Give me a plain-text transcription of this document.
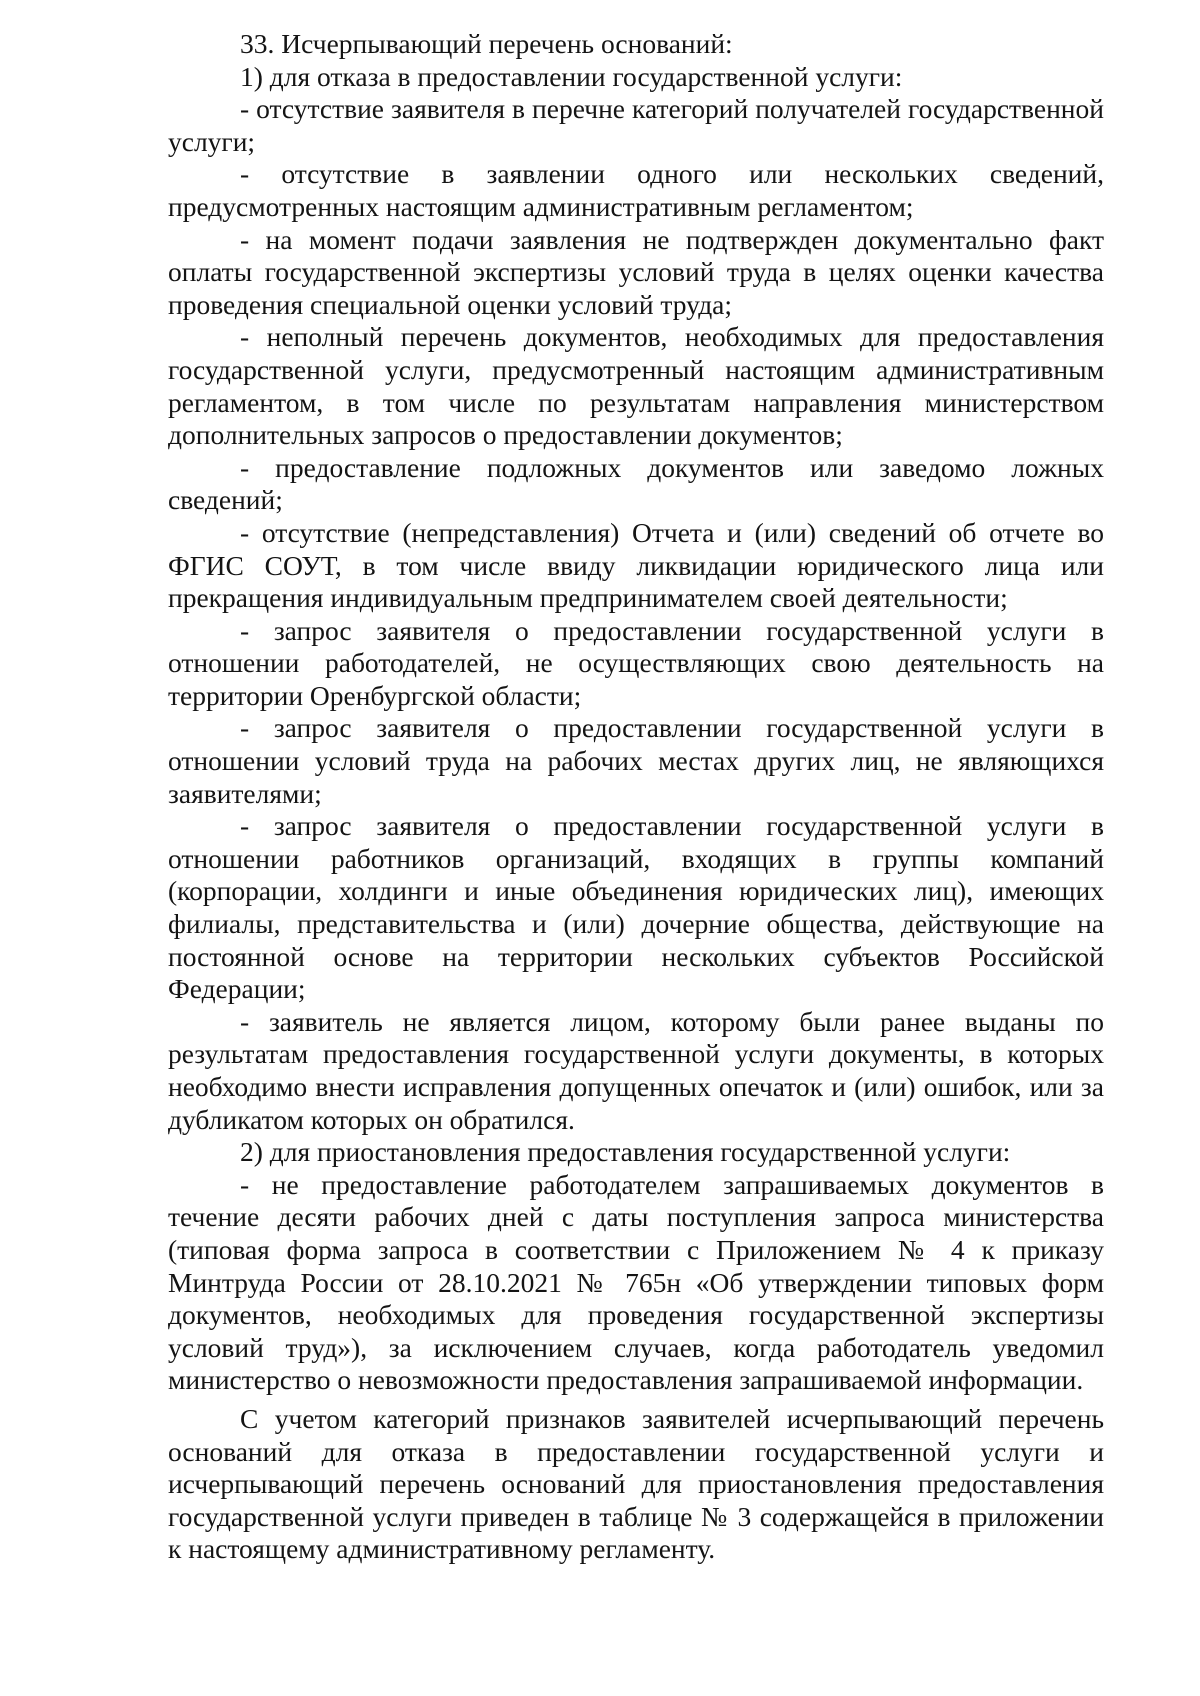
33. Исчерпывающий перечень оснований:

1) для отказа в предоставлении государственной услуги:

- отсутствие заявителя в перечне категорий получателей государственной услуги;

- отсутствие в заявлении одного или нескольких сведений, предусмотренных настоящим административным регламентом;

- на момент подачи заявления не подтвержден документально факт оплаты государственной экспертизы условий труда в целях оценки качества проведения специальной оценки условий труда;

- неполный перечень документов, необходимых для предоставления государственной услуги, предусмотренный настоящим административным регламентом, в том числе по результатам направления министерством дополнительных запросов о предоставлении документов;

- предоставление подложных документов или заведомо ложных сведений;

- отсутствие (непредставления) Отчета и (или) сведений об отчете во ФГИС СОУТ, в том числе ввиду ликвидации юридического лица или прекращения индивидуальным предпринимателем своей деятельности;

- запрос заявителя о предоставлении государственной услуги в отношении работодателей, не осуществляющих свою деятельность на территории Оренбургской области;

- запрос заявителя о предоставлении государственной услуги в отношении условий труда на рабочих местах других лиц, не являющихся заявителями;

- запрос заявителя о предоставлении государственной услуги в отношении работников организаций, входящих в группы компаний (корпорации, холдинги и иные объединения юридических лиц), имеющих филиалы, представительства и (или) дочерние общества, действующие на постоянной основе на территории нескольких субъектов Российской Федерации;

- заявитель не является лицом, которому были ранее выданы по результатам предоставления государственной услуги документы, в которых необходимо внести исправления допущенных опечаток и (или) ошибок, или за дубликатом которых он обратился.

2) для приостановления предоставления государственной услуги:

- не предоставление работодателем запрашиваемых документов в течение десяти рабочих дней с даты поступления запроса министерства (типовая форма запроса в соответствии с Приложением № 4 к приказу Минтруда России от 28.10.2021 № 765н «Об утверждении типовых форм документов, необходимых для проведения государственной экспертизы условий труд»), за исключением случаев, когда работодатель уведомил министерство о невозможности предоставления запрашиваемой информации.

С учетом категорий признаков заявителей исчерпывающий перечень оснований для отказа в предоставлении государственной услуги и исчерпывающий перечень оснований для приостановления предоставления государственной услуги приведен в таблице № 3 содержащейся в приложении к настоящему административному регламенту.
